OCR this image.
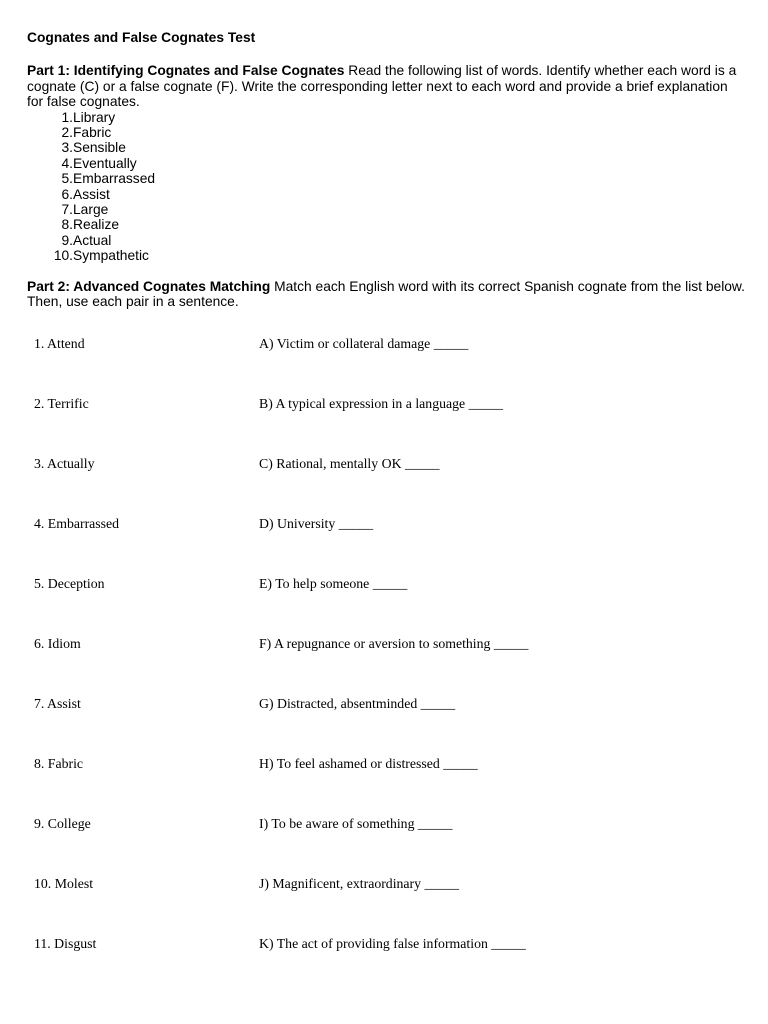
Cognates and False Cognates Test

Part 1: Identifying Cognates and False Cognates Read the following list of words. Identify whether each word is a cognate (C) or a false cognate (F). Write the corresponding letter next to each word and provide a brief explanation for false cognates.
1. Library
2. Fabric
3. Sensible
4. Eventually
5. Embarrassed
6. Assist
7. Large
8. Realize
9. Actual
10. Sympathetic
Part 2: Advanced Cognates Matching Match each English word with its correct Spanish cognate from the list below. Then, use each pair in a sentence.
1. Attend	A) Victim or collateral damage _____
2. Terrific	B) A typical expression in a language _____
3. Actually	C) Rational, mentally OK _____
4. Embarrassed	D) University _____
5. Deception	E) To help someone _____
6. Idiom	F) A repugnance or aversion to something _____
7. Assist	G) Distracted, absentminded _____
8. Fabric	H) To feel ashamed or distressed _____
9. College	I) To be aware of something _____
10. Molest	J) Magnificent, extraordinary _____
11. Disgust	K) The act of providing false information _____
